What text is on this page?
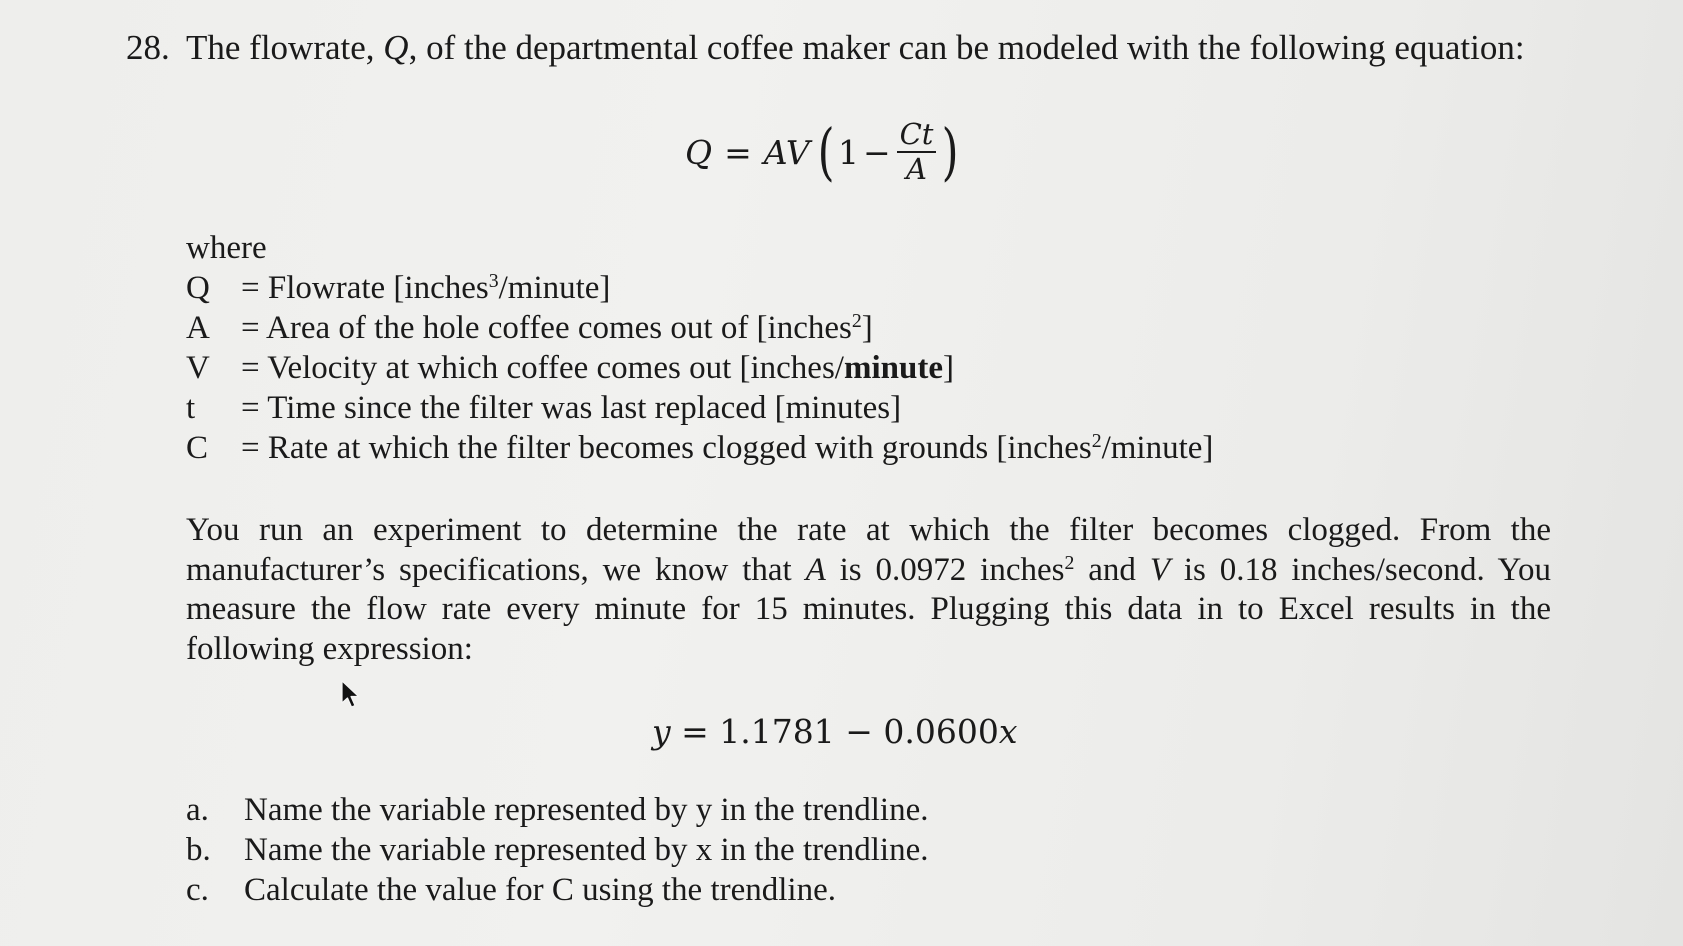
28. The flowrate, Q, of the departmental coffee maker can be modeled with the following equation:
Q = AV ( $1 - \frac{Ct}{A}$ )
where
Q = Flowrate [inches$^3$/minute]
A = Area of the hole coffee comes out of [inches$^2$]
V = Velocity at which coffee comes out [inches/minute]
t = Time since the filter was last replaced [minutes]
C = Rate at which the filter becomes clogged with grounds [inches$^2$/minute]
You run an experiment to determine the rate at which the filter becomes clogged. From the manufacturer’s specifications, we know that A is 0.0972 inches$^2$ and V is 0.18 inches/second. You measure the flow rate every minute for 15 minutes. Plugging this data in to Excel results in the following expression:
y = 1.1781 − 0.0600x
a. Name the variable represented by y in the trendline.
b. Name the variable represented by x in the trendline.
c. Calculate the value for C using the trendline.
